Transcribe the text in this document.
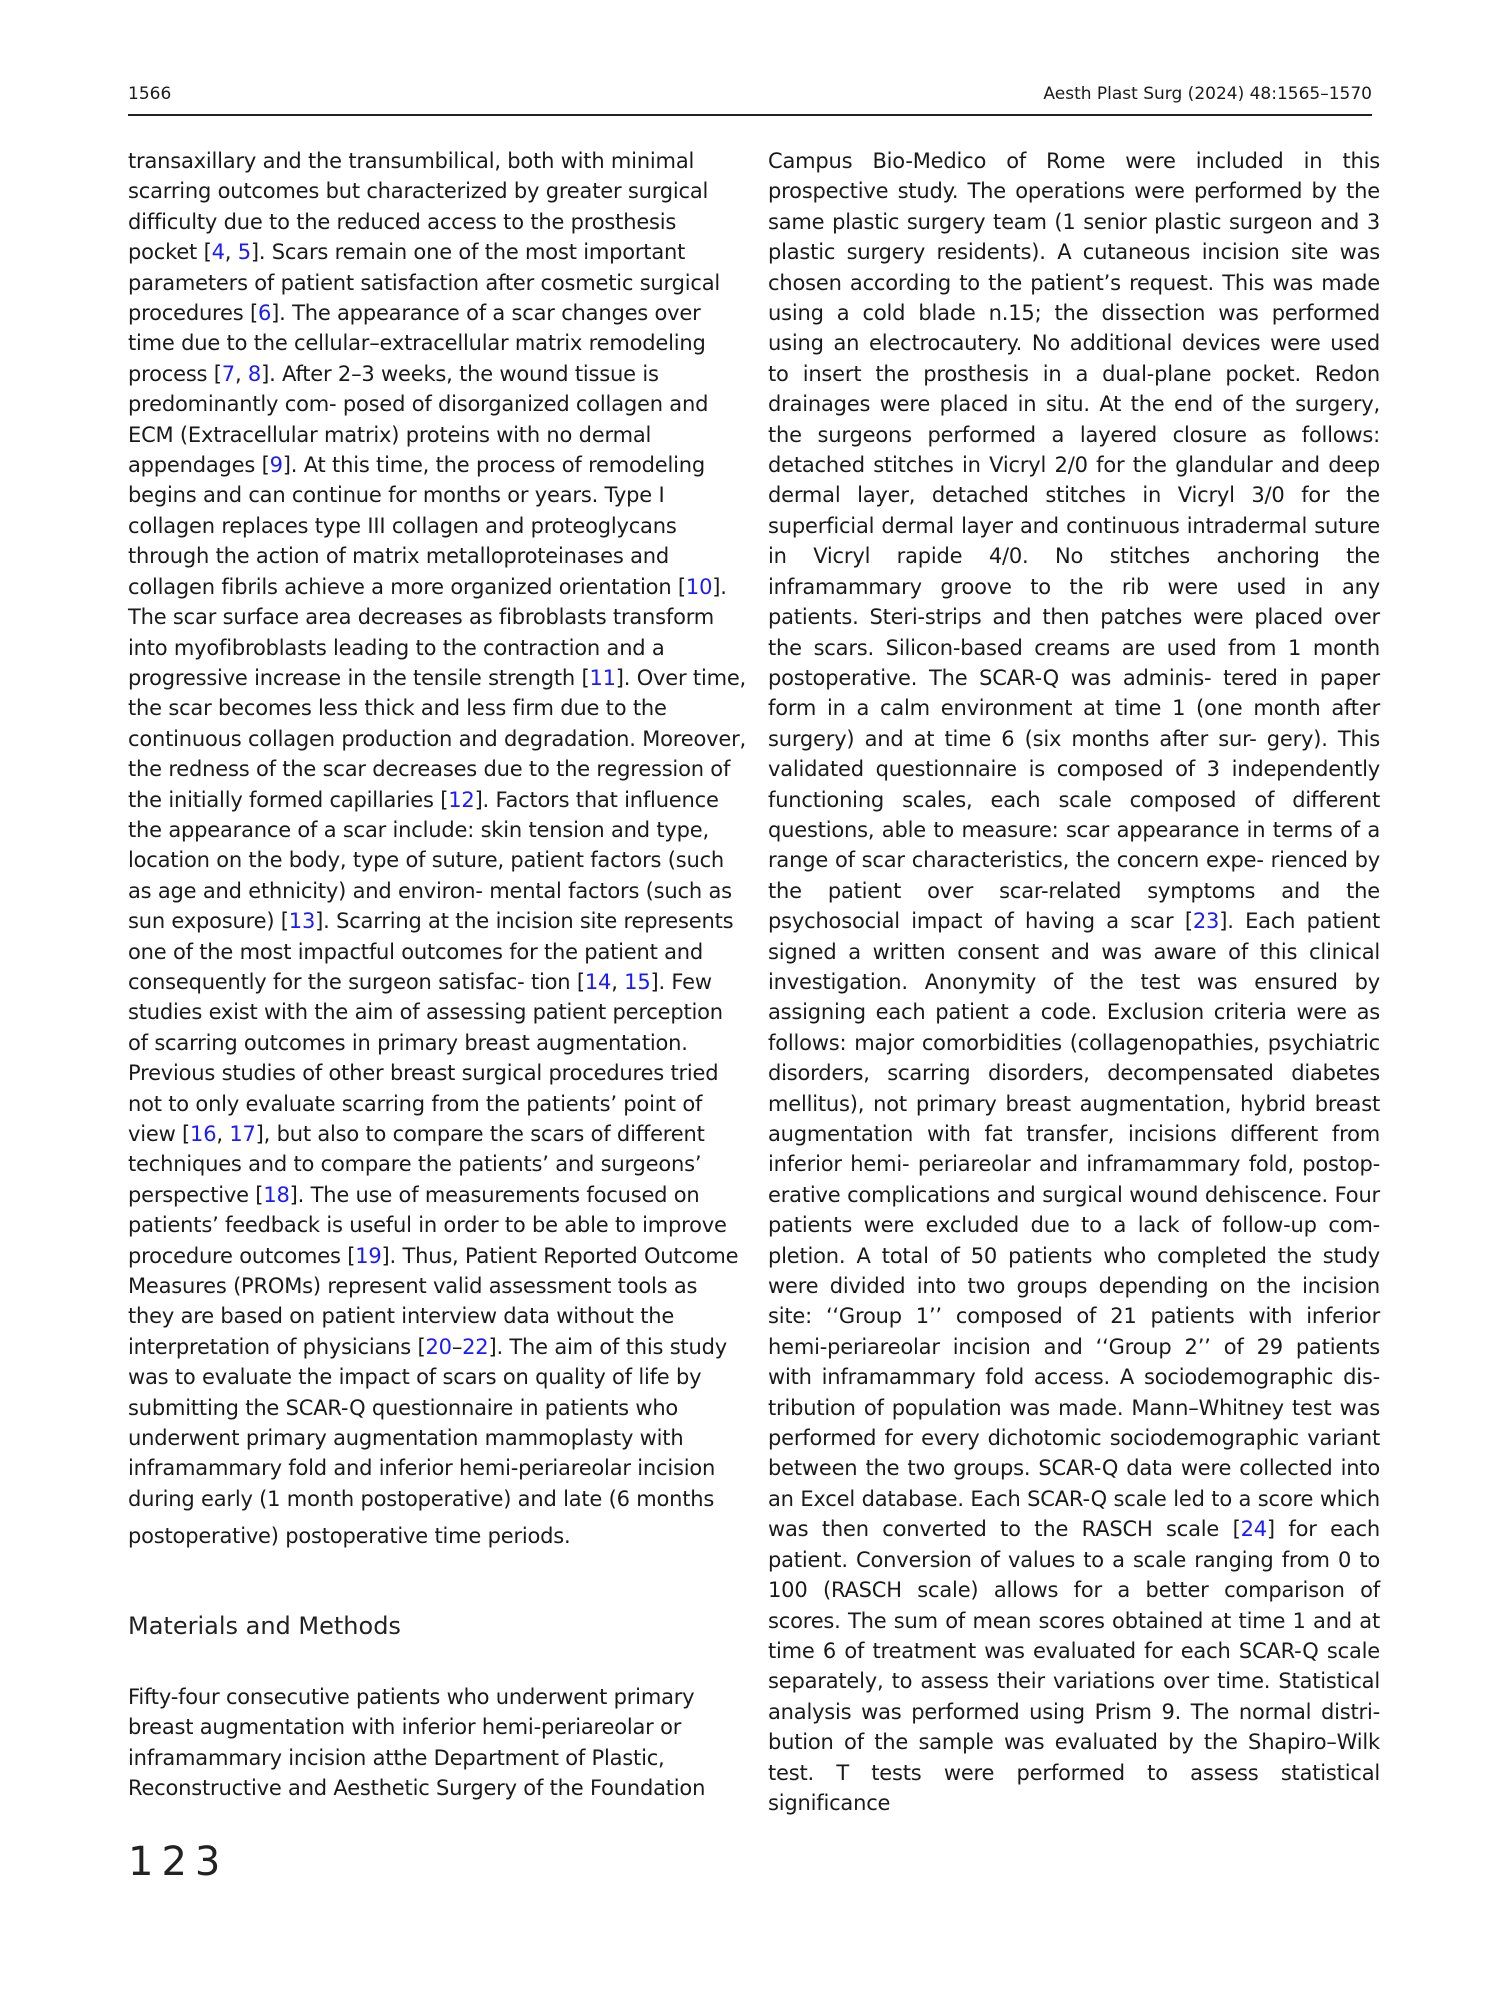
1566	Aesth Plast Surg (2024) 48:1565–1570

transaxillary and the transumbilical, both with minimal scarring outcomes but characterized by greater surgical difficulty due to the reduced access to the prosthesis pocket [4, 5]. Scars remain one of the most important parameters of patient satisfaction after cosmetic surgical procedures [6]. The appearance of a scar changes over time due to the cellular–extracellular matrix remodeling process [7, 8]. After 2–3 weeks, the wound tissue is predominantly com- posed of disorganized collagen and ECM (Extracellular matrix) proteins with no dermal appendages [9]. At this time, the process of remodeling begins and can continue for months or years. Type I collagen replaces type III collagen and proteoglycans through the action of matrix metalloproteinases and collagen fibrils achieve a more organized orientation [10]. The scar surface area decreases as fibroblasts transform into myofibroblasts leading to the contraction and a progressive increase in the tensile strength [11]. Over time, the scar becomes less thick and less firm due to the continuous collagen production and degradation. Moreover, the redness of the scar decreases due to the regression of the initially formed capillaries [12]. Factors that influence the appearance of a scar include: skin tension and type, location on the body, type of suture, patient factors (such as age and ethnicity) and environ- mental factors (such as sun exposure) [13]. Scarring at the incision site represents one of the most impactful outcomes for the patient and consequently for the surgeon satisfac- tion [14, 15]. Few studies exist with the aim of assessing patient perception of scarring outcomes in primary breast augmentation. Previous studies of other breast surgical procedures tried not to only evaluate scarring from the patients’ point of view [16, 17], but also to compare the scars of different techniques and to compare the patients’ and surgeons’ perspective [18]. The use of measurements focused on patients’ feedback is useful in order to be able to improve procedure outcomes [19]. Thus, Patient Reported Outcome Measures (PROMs) represent valid assessment tools as they are based on patient interview data without the interpretation of physicians [20–22]. The aim of this study was to evaluate the impact of scars on quality of life by submitting the SCAR-Q questionnaire in patients who underwent primary augmentation mammoplasty with inframammary fold and inferior hemi-periareolar incision during early (1 month postoperative) and late (6 months

postoperative) postoperative time periods.

Materials and Methods

Fifty-four consecutive patients who underwent primary breast augmentation with inferior hemi-periareolar or inframammary incision atthe Department of Plastic, Reconstructive and Aesthetic Surgery of the Foundation

Campus Bio-Medico of Rome were included in this prospective study. The operations were performed by the same plastic surgery team (1 senior plastic surgeon and 3 plastic surgery residents). A cutaneous incision site was chosen according to the patient’s request. This was made using a cold blade n.15; the dissection was performed using an electrocautery. No additional devices were used to insert the prosthesis in a dual-plane pocket. Redon drainages were placed in situ. At the end of the surgery, the surgeons performed a layered closure as follows: detached stitches in Vicryl 2/0 for the glandular and deep dermal layer, detached stitches in Vicryl 3/0 for the superficial dermal layer and continuous intradermal suture in Vicryl rapide 4/0. No stitches anchoring the inframammary groove to the rib were used in any patients. Steri-strips and then patches were placed over the scars. Silicon-based creams are used from 1 month postoperative. The SCAR-Q was adminis- tered in paper form in a calm environment at time 1 (one month after surgery) and at time 6 (six months after sur- gery). This validated questionnaire is composed of 3 independently functioning scales, each scale composed of different questions, able to measure: scar appearance in terms of a range of scar characteristics, the concern expe- rienced by the patient over scar-related symptoms and the psychosocial impact of having a scar [23]. Each patient signed a written consent and was aware of this clinical investigation. Anonymity of the test was ensured by assigning each patient a code. Exclusion criteria were as follows: major comorbidities (collagenopathies, psychiatric disorders, scarring disorders, decompensated diabetes mellitus), not primary breast augmentation, hybrid breast augmentation with fat transfer, incisions different from inferior hemi- periareolar and inframammary fold, postop- erative complications and surgical wound dehiscence. Four patients were excluded due to a lack of follow-up com- pletion. A total of 50 patients who completed the study were divided into two groups depending on the incision site: ‘‘Group 1’’ composed of 21 patients with inferior hemi-periareolar incision and ‘‘Group 2’’ of 29 patients with inframammary fold access. A sociodemographic dis- tribution of population was made. Mann–Whitney test was performed for every dichotomic sociodemographic variant between the two groups. SCAR-Q data were collected into an Excel database. Each SCAR-Q scale led to a score which was then converted to the RASCH scale [24] for each patient. Conversion of values to a scale ranging from 0 to 100 (RASCH scale) allows for a better comparison of scores. The sum of mean scores obtained at time 1 and at time 6 of treatment was evaluated for each SCAR-Q scale separately, to assess their variations over time. Statistical analysis was performed using Prism 9. The normal distri- bution of the sample was evaluated by the Shapiro–Wilk test. T tests were performed to assess statistical significance

123
